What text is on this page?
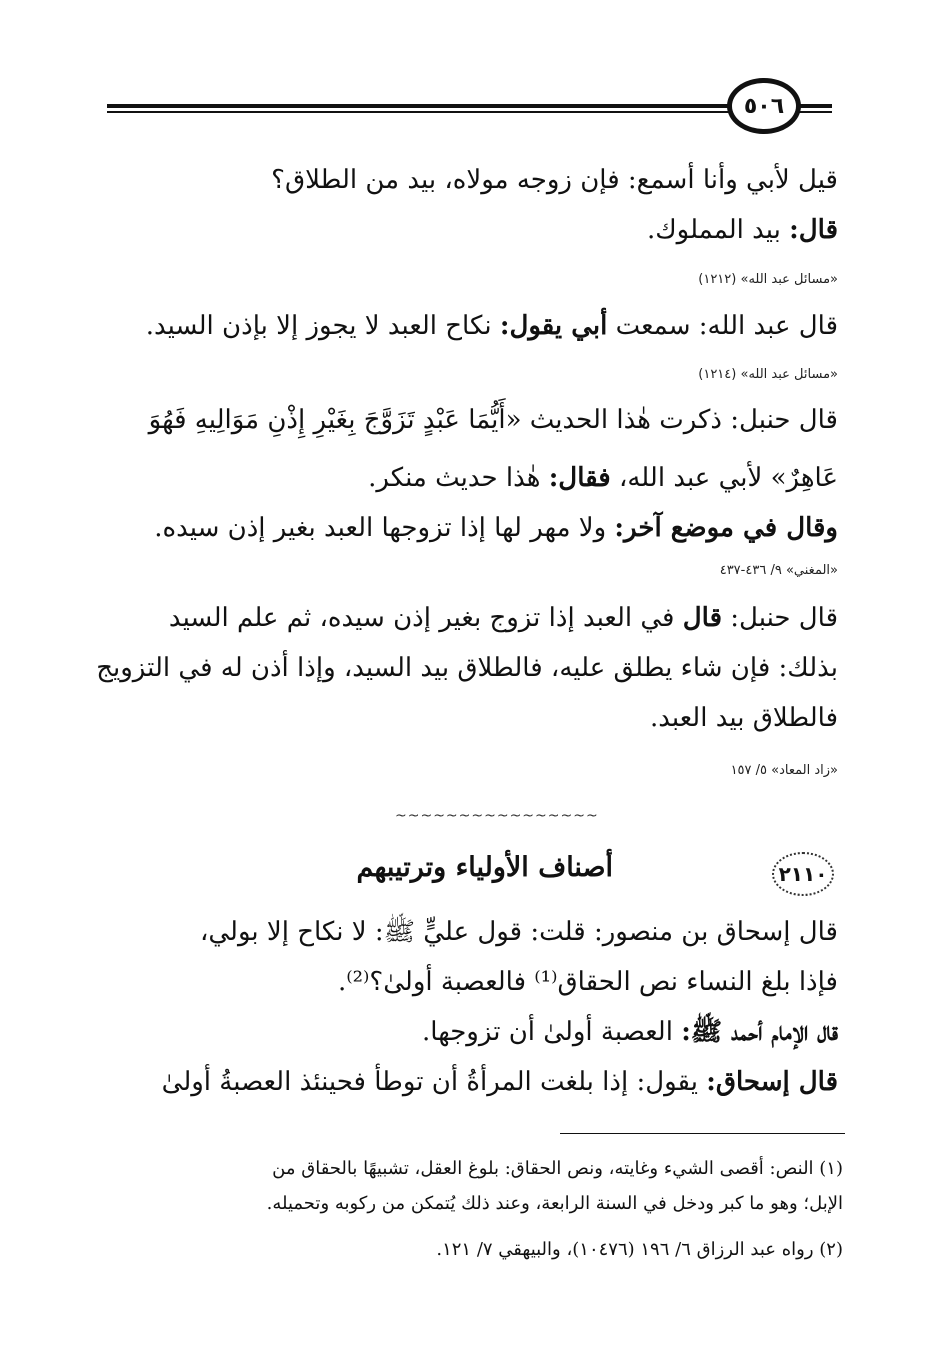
٥٠٦
قيل لأبي وأنا أسمع: فإن زوجه مولاه، بيد من الطلاق؟
قال: بيد المملوك.
«مسائل عبد الله» (١٢١٢)
قال عبد الله: سمعت أبي يقول: نكاح العبد لا يجوز إلا بإذن السيد.
«مسائل عبد الله» (١٢١٤)
قال حنبل: ذكرت هٰذا الحديث «أَيُّمَا عَبْدٍ تَزَوَّجَ بِغَيْرِ إِذْنِ مَوَالِيهِ فَهُوَ
عَاهِرٌ» لأبي عبد الله، فقال: هٰذا حديث منكر.
وقال في موضع آخر: ولا مهر لها إذا تزوجها العبد بغير إذن سيده.
«المغني» ٩/ ٤٣٦-٤٣٧
قال حنبل: قال في العبد إذا تزوج بغير إذن سيده، ثم علم السيد
بذلك: فإن شاء يطلق عليه، فالطلاق بيد السيد، وإذا أذن له في التزويج
فالطلاق بيد العبد.
«زاد المعاد» ٥/ ١٥٧
~~~~~~~~~~~~~~~~
٢١١٠
أصناف الأولياء وترتيبهم
قال إسحاق بن منصور: قلت: قول عليٍّ ﷺ: لا نكاح إلا بولي،
فإذا بلغ النساء نص الحقاق⁽¹⁾ فالعصبة أولىٰ؟⁽²⁾.
قال الإمام أحمد ﷺ: العصبة أولىٰ أن تزوجها.
قال إسحاق: يقول: إذا بلغت المرأةُ أن توطأ فحينئذ العصبةُ أولىٰ
(١) النص: أقصى الشيء وغايته، ونص الحقاق: بلوغ العقل، تشبيهًا بالحقاق من
الإبل؛ وهو ما كبر ودخل في السنة الرابعة، وعند ذلك يُتمكن من ركوبه وتحميله.
(٢) رواه عبد الرزاق ٦/ ١٩٦ (١٠٤٧٦)، والبيهقي ٧/ ١٢١.
